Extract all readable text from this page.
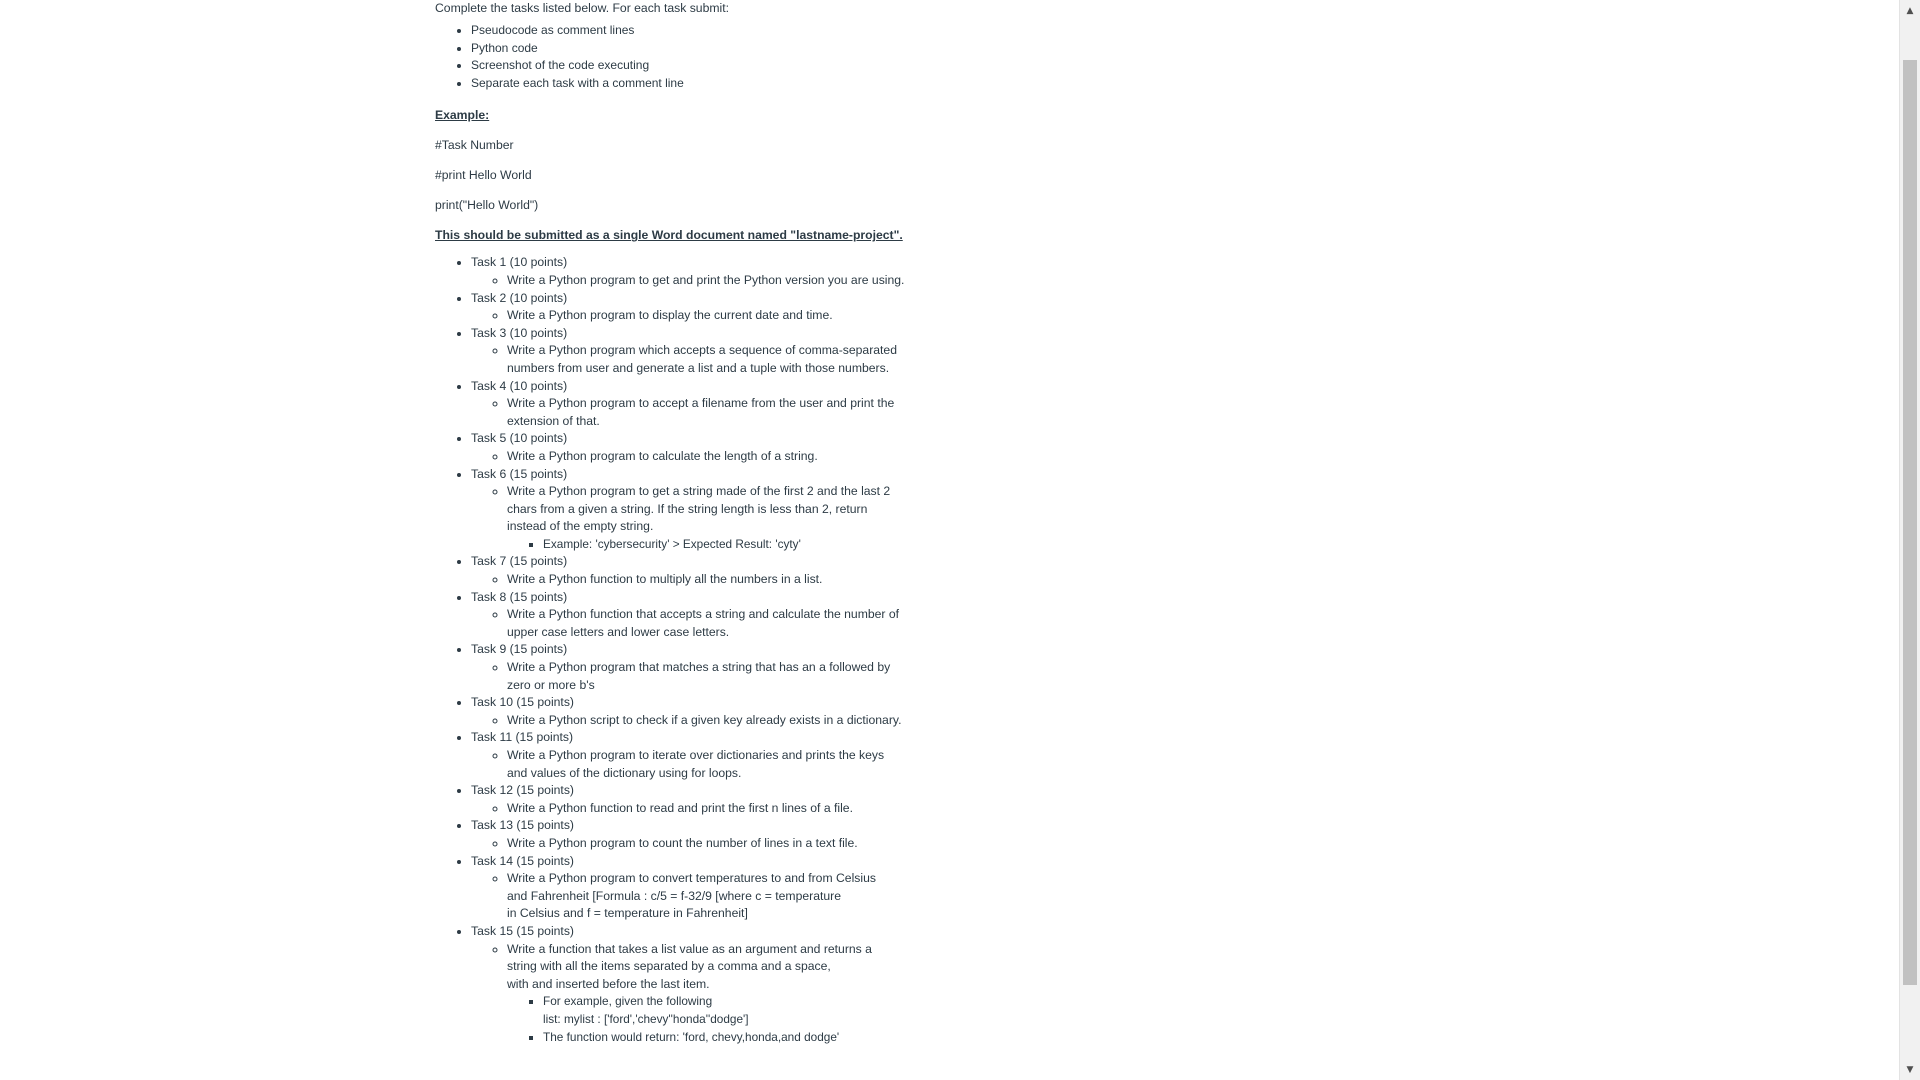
Complete the tasks listed below. For each task submit:

• Pseudocode as comment lines
• Python code
• Screenshot of the code executing
• Separate each task with a comment line

Example:

#Task Number

#print Hello World

print("Hello World")

This should be submitted as a single Word document named "lastname-project".

• Task 1 (10 points)
◦ Write a Python program to get and print the Python version you are using.
• Task 2 (10 points)
◦ Write a Python program to display the current date and time.
• Task 3 (10 points)
◦ Write a Python program which accepts a sequence of comma-separated numbers from user and generate a list and a tuple with those numbers.
• Task 4 (10 points)
◦ Write a Python program to accept a filename from the user and print the extension of that.
• Task 5 (10 points)
◦ Write a Python program to calculate the length of a string.
• Task 6 (15 points)
◦ Write a Python program to get a string made of the first 2 and the last 2 chars from a given a string. If the string length is less than 2, return instead of the empty string.
▪ Example: 'cybersecurity' > Expected Result: 'cyty'
• Task 7 (15 points)
◦ Write a Python function to multiply all the numbers in a list.
• Task 8 (15 points)
◦ Write a Python function that accepts a string and calculate the number of upper case letters and lower case letters.
• Task 9 (15 points)
◦ Write a Python program that matches a string that has an a followed by zero or more b's
• Task 10 (15 points)
◦ Write a Python script to check if a given key already exists in a dictionary.
• Task 11 (15 points)
◦ Write a Python program to iterate over dictionaries and prints the keys and values of the dictionary using for loops.
• Task 12 (15 points)
◦ Write a Python function to read and print the first n lines of a file.
• Task 13 (15 points)
◦ Write a Python program to count the number of lines in a text file.
• Task 14 (15 points)
◦ Write a Python program to convert temperatures to and from Celsius
and Fahrenheit [Formula : c/5 = f-32/9 [where c = temperature
in Celsius and f = temperature in Fahrenheit]
• Task 15 (15 points)
◦ Write a function that takes a list value as an argument and returns a
string with all the items separated by a comma and a space,
with and inserted before the last item.
▪ For example, given the following
list: mylist : ['ford','chevy''honda''dodge']
▪ The function would return: 'ford, chevy,honda,and dodge'
▲
▼
